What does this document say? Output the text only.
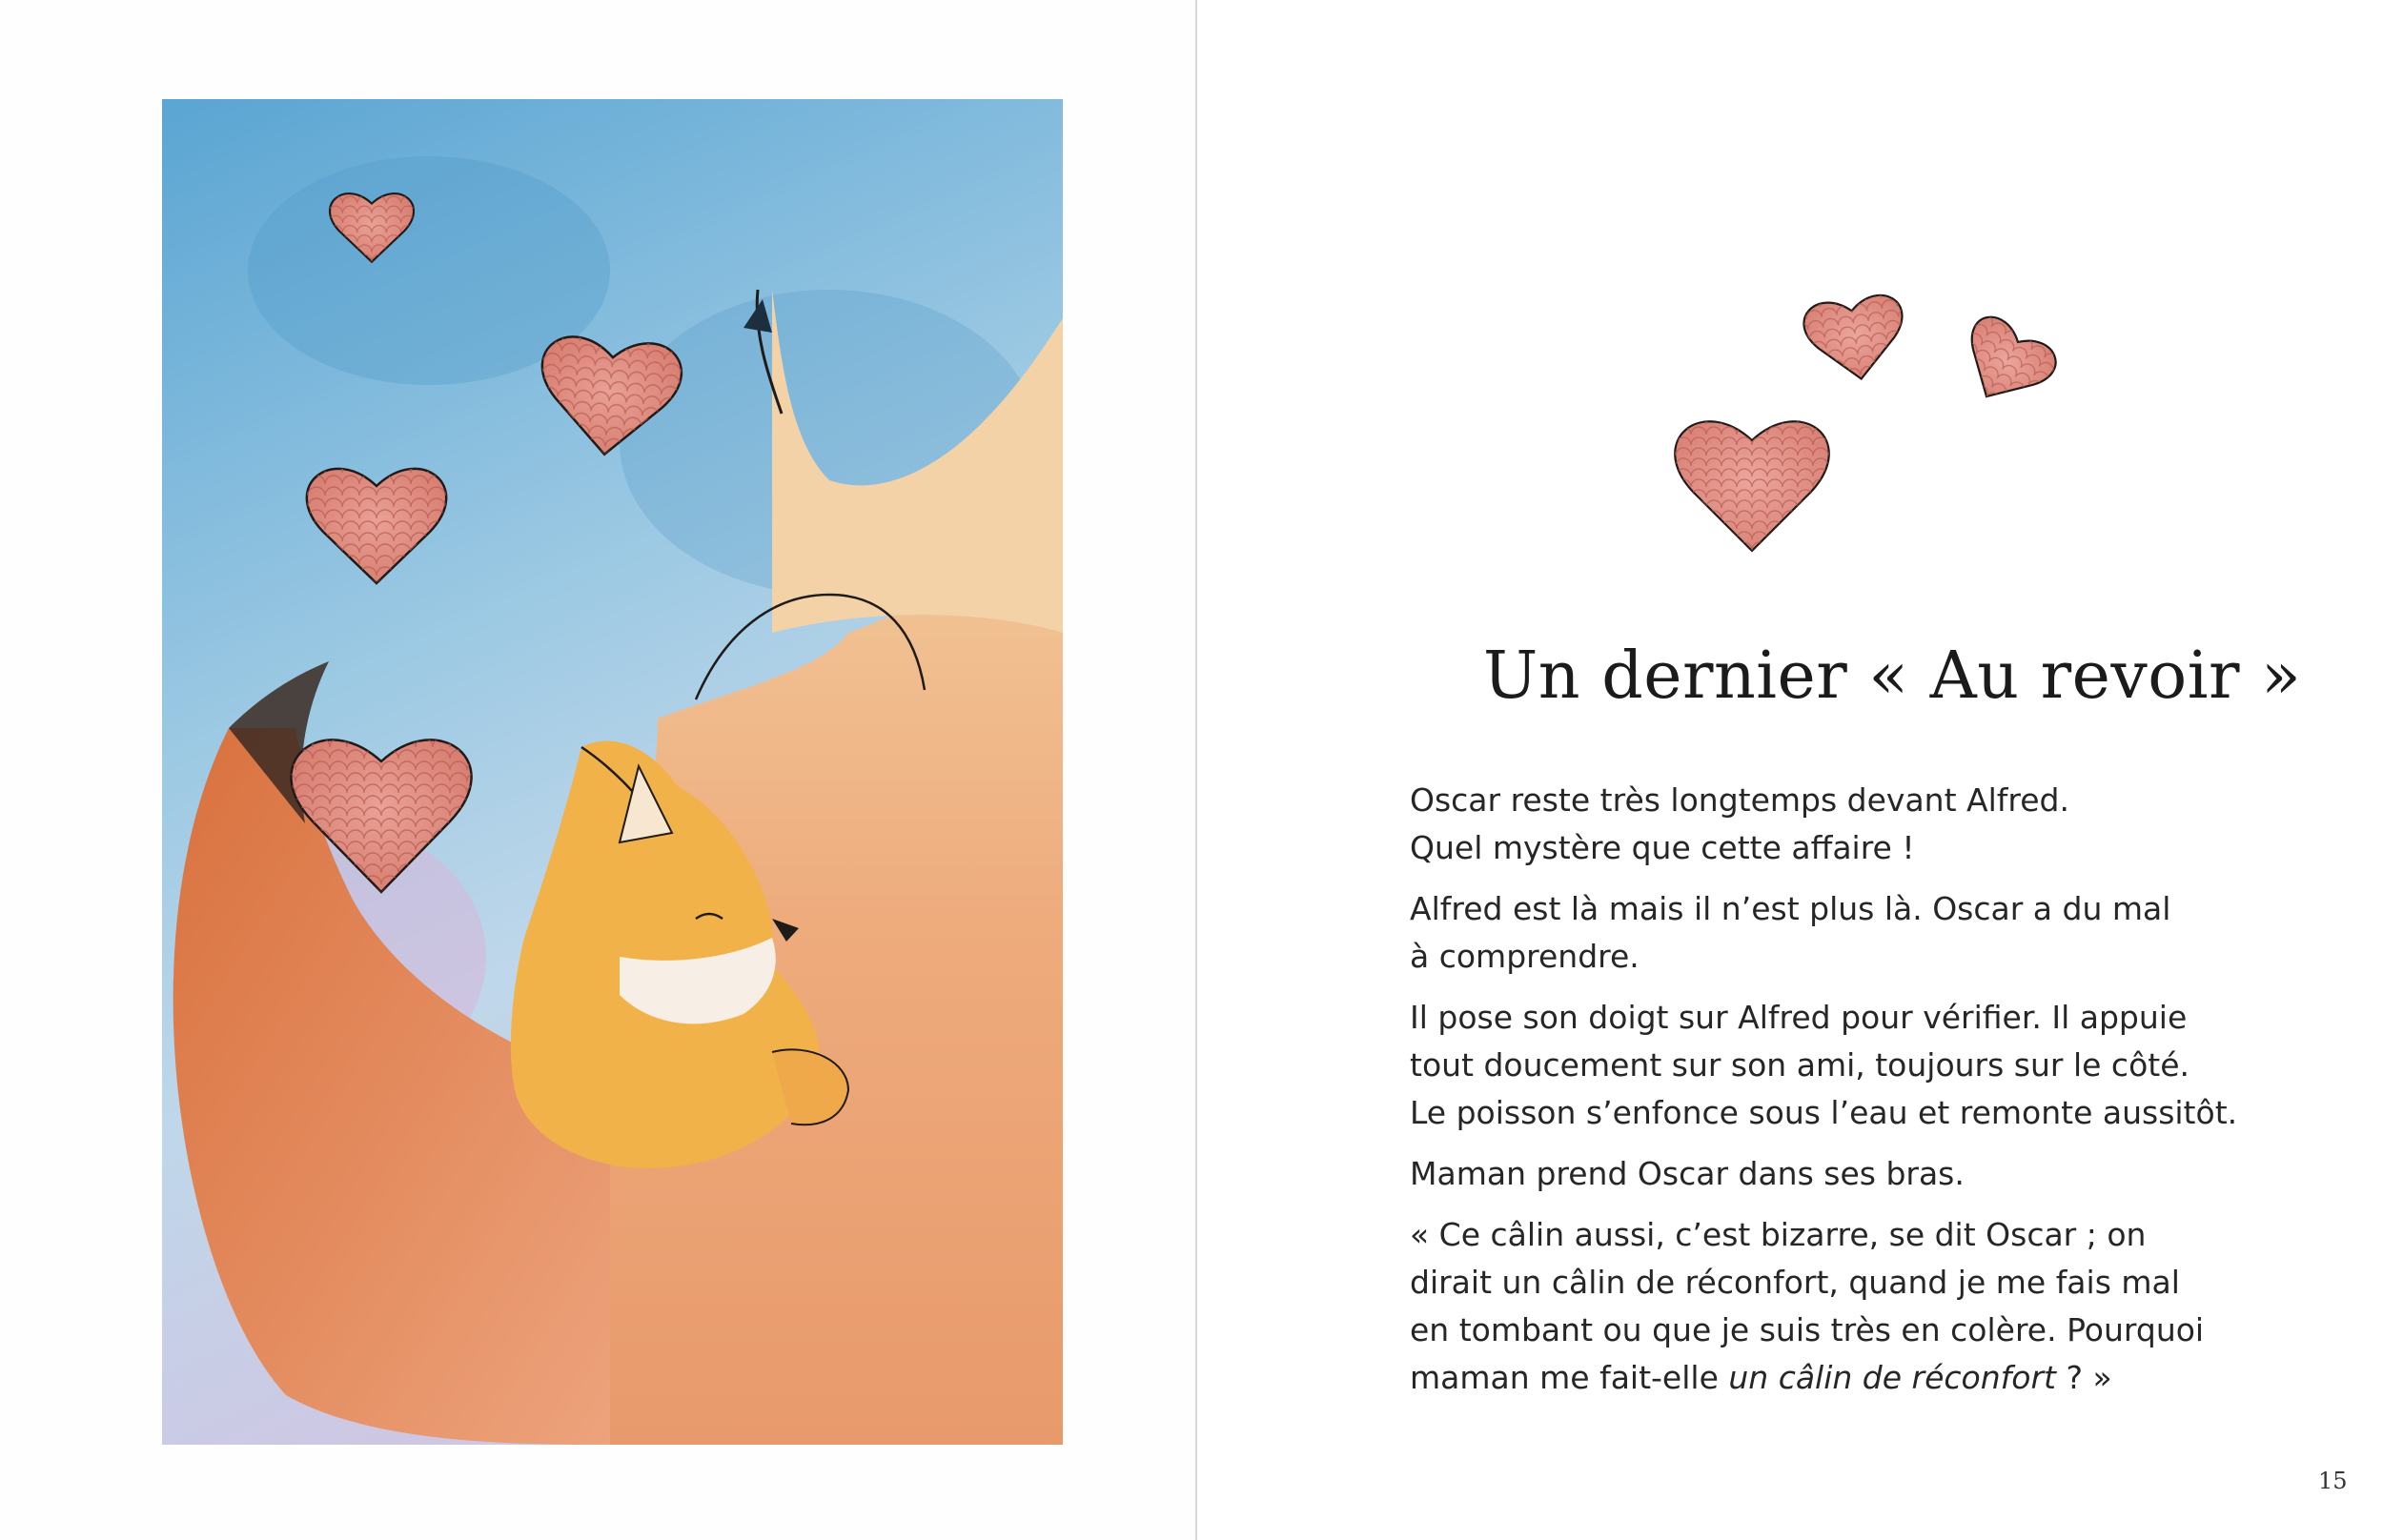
Un dernier « Au revoir »

Oscar reste très longtemps devant Alfred.
Quel mystère que cette affaire !

Alfred est là mais il n’est plus là. Oscar a du mal
à comprendre.

Il pose son doigt sur Alfred pour vérifier. Il appuie
tout doucement sur son ami, toujours sur le côté.
Le poisson s’enfonce sous l’eau et remonte aussitôt.

Maman prend Oscar dans ses bras.

« Ce câlin aussi, c’est bizarre, se dit Oscar ; on
dirait un câlin de réconfort, quand je me fais mal
en tombant ou que je suis très en colère. Pourquoi
maman me fait-elle un câlin de réconfort ? »

15
